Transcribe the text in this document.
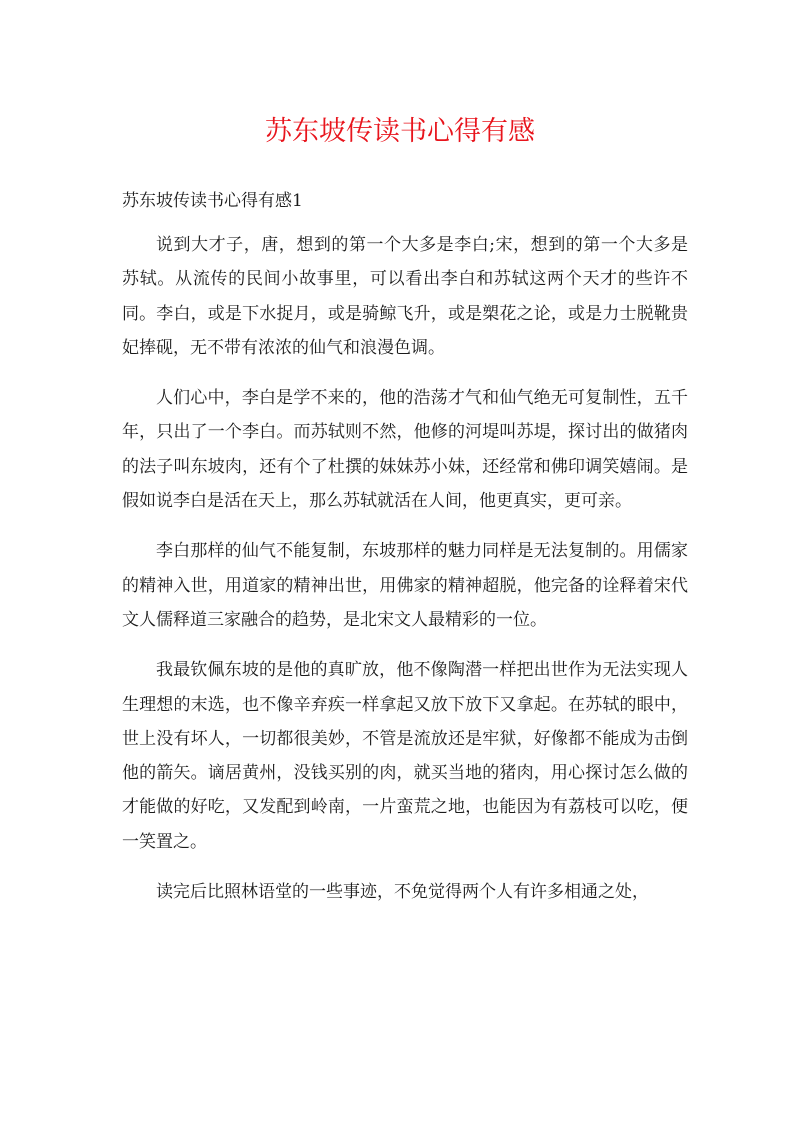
苏东坡传读书心得有感

苏东坡传读书心得有感1

说到大才子，唐，想到的第一个大多是李白;宋，想到的第一个大多是苏轼。从流传的民间小故事里，可以看出李白和苏轼这两个天才的些许不同。李白，或是下水捉月，或是骑鲸飞升，或是槊花之论，或是力士脱靴贵妃捧砚，无不带有浓浓的仙气和浪漫色调。

人们心中，李白是学不来的，他的浩荡才气和仙气绝无可复制性，五千年，只出了一个李白。而苏轼则不然，他修的河堤叫苏堤，探讨出的做猪肉的法子叫东坡肉，还有个了杜撰的妹妹苏小妹，还经常和佛印调笑嬉闹。是假如说李白是活在天上，那么苏轼就活在人间，他更真实，更可亲。

李白那样的仙气不能复制，东坡那样的魅力同样是无法复制的。用儒家的精神入世，用道家的精神出世，用佛家的精神超脱，他完备的诠释着宋代文人儒释道三家融合的趋势，是北宋文人最精彩的一位。

我最钦佩东坡的是他的真旷放，他不像陶潜一样把出世作为无法实现人生理想的末选，也不像辛弃疾一样拿起又放下放下又拿起。在苏轼的眼中，世上没有坏人，一切都很美妙，不管是流放还是牢狱，好像都不能成为击倒他的箭矢。谪居黄州，没钱买别的肉，就买当地的猪肉，用心探讨怎么做的才能做的好吃，又发配到岭南，一片蛮荒之地，也能因为有荔枝可以吃，便一笑置之。

读完后比照林语堂的一些事迹，不免觉得两个人有许多相通之处，
